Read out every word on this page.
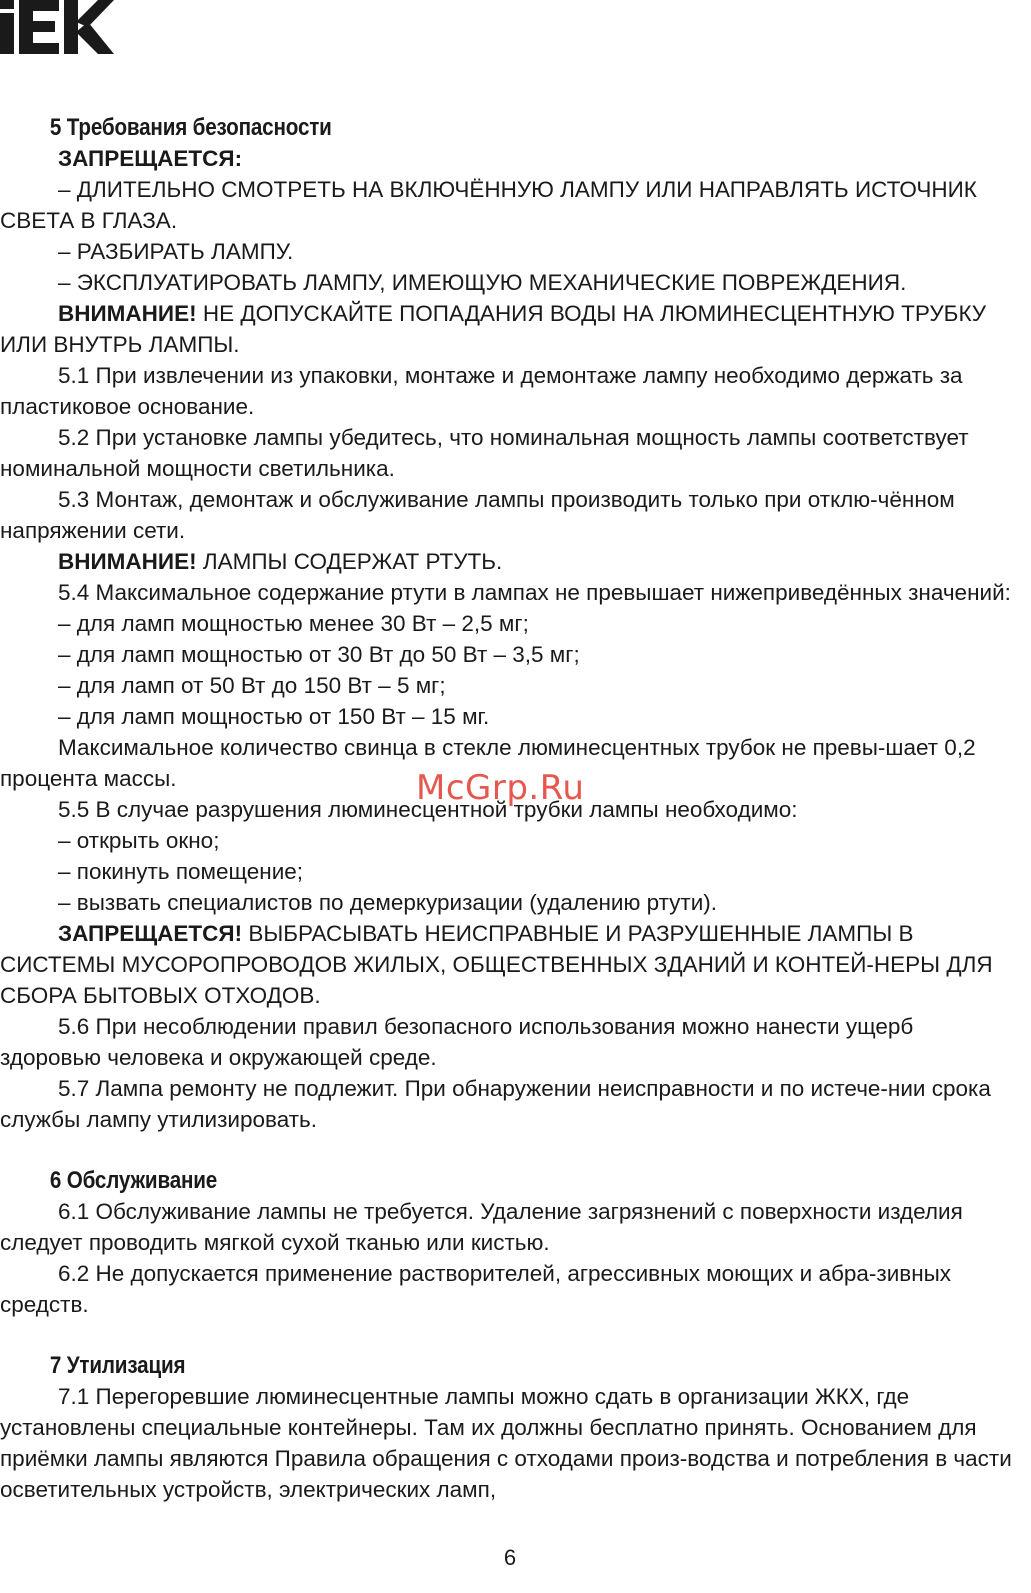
5 Требования безопасности

ЗАПРЕЩАЕТСЯ:

– ДЛИТЕЛЬНО СМОТРЕТЬ НА ВКЛЮЧЁННУЮ ЛАМПУ ИЛИ НАПРАВЛЯТЬ ИСТОЧНИК СВЕТА В ГЛАЗА.

– РАЗБИРАТЬ ЛАМПУ.

– ЭКСПЛУАТИРОВАТЬ ЛАМПУ, ИМЕЮЩУЮ МЕХАНИЧЕСКИЕ ПОВРЕЖДЕНИЯ.

ВНИМАНИЕ! НЕ ДОПУСКАЙТЕ ПОПАДАНИЯ ВОДЫ НА ЛЮМИНЕСЦЕНТНУЮ ТРУБКУ ИЛИ ВНУТРЬ ЛАМПЫ.

5.1 При извлечении из упаковки, монтаже и демонтаже лампу необходимо держать за пластиковое основание.

5.2 При установке лампы убедитесь, что номинальная мощность лампы соответствует номинальной мощности светильника.

5.3 Монтаж, демонтаж и обслуживание лампы производить только при отклю-чённом напряжении сети.

ВНИМАНИЕ! ЛАМПЫ СОДЕРЖАТ РТУТЬ.

5.4 Максимальное содержание ртути в лампах не превышает нижеприведённых значений:

– для ламп мощностью менее 30 Вт – 2,5 мг;

– для ламп мощностью от 30 Вт до 50 Вт – 3,5 мг;

– для ламп от 50 Вт до 150 Вт – 5 мг;

– для ламп мощностью от 150 Вт – 15 мг.

Максимальное количество свинца в стекле люминесцентных трубок не превы-шает 0,2 процента массы.

5.5 В случае разрушения люминесцентной трубки лампы необходимо:

– открыть окно;

– покинуть помещение;

– вызвать специалистов по демеркуризации (удалению ртути).

ЗАПРЕЩАЕТСЯ! ВЫБРАСЫВАТЬ НЕИСПРАВНЫЕ И РАЗРУШЕННЫЕ ЛАМПЫ В СИСТЕМЫ МУСОРОПРОВОДОВ ЖИЛЫХ, ОБЩЕСТВЕННЫХ ЗДАНИЙ И КОНТЕЙ-НЕРЫ ДЛЯ СБОРА БЫТОВЫХ ОТХОДОВ.

5.6 При несоблюдении правил безопасного использования можно нанести ущерб здоровью человека и окружающей среде.

5.7 Лампа ремонту не подлежит. При обнаружении неисправности и по истече-нии срока службы лампу утилизировать.

6 Обслуживание

6.1 Обслуживание лампы не требуется. Удаление загрязнений с поверхности изделия следует проводить мягкой сухой тканью или кистью.

6.2 Не допускается применение растворителей, агрессивных моющих и абра-зивных средств.

7 Утилизация

7.1 Перегоревшие люминесцентные лампы можно сдать в организации ЖКХ, где установлены специальные контейнеры. Там их должны бесплатно принять. Основанием для приёмки лампы являются Правила обращения с отходами произ-водства и потребления в части осветительных устройств, электрических ламп,

McGrp.Ru
6
